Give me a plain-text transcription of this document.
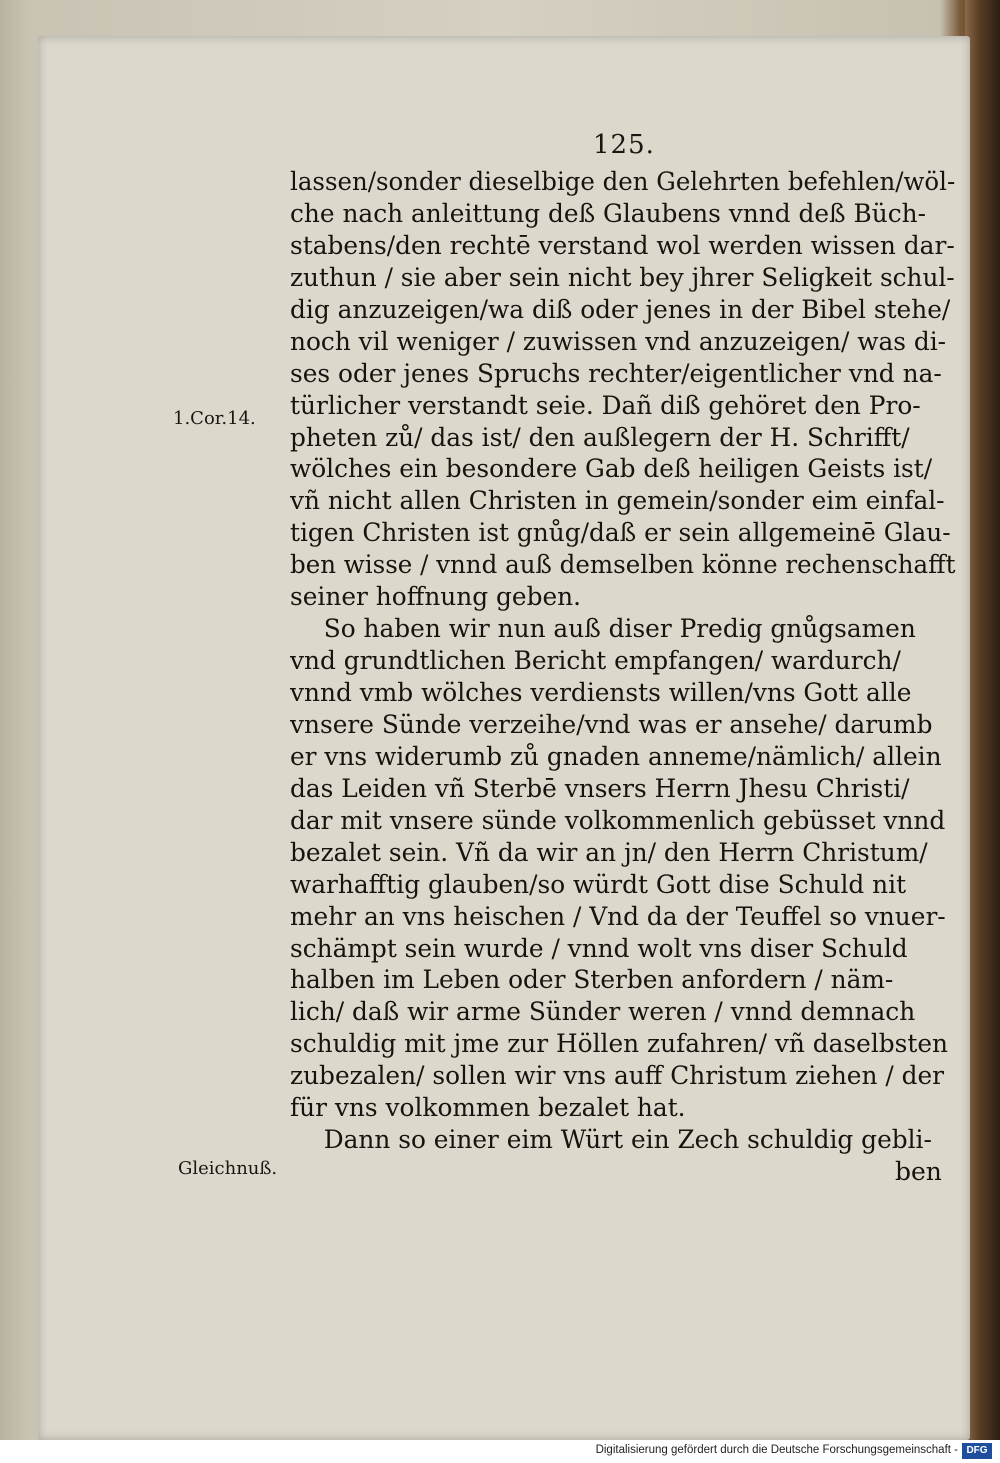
125.
1.Cor.14.
Gleichnuß.
lassen/sonder dieselbige den Gelehrten befehlen/wöl-
che nach anleittung deß Glaubens vnnd deß Büch-
stabens/den rechtē verstand wol werden wissen dar-
zuthun / sie aber sein nicht bey jhrer Seligkeit schul-
dig anzuzeigen/wa diß oder jenes in der Bibel stehe/
noch vil weniger / zuwissen vnd anzuzeigen/ was di-
ses oder jenes Spruchs rechter/eigentlicher vnd na-
türlicher verstandt seie. Dañ diß gehöret den Pro-
pheten zů/ das ist/ den außlegern der H. Schrifft/
wölches ein besondere Gab deß heiligen Geists ist/
vñ nicht allen Christen in gemein/sonder eim einfal-
tigen Christen ist gnůg/daß er sein allgemeinē Glau-
ben wisse / vnnd auß demselben könne rechenschafft
seiner hoffnung geben.
So haben wir nun auß diser Predig gnůgsamen
vnd grundtlichen Bericht empfangen/ wardurch/
vnnd vmb wölches verdiensts willen/vns Gott alle
vnsere Sünde verzeihe/vnd was er ansehe/ darumb
er vns widerumb zů gnaden anneme/nämlich/ allein
das Leiden vñ Sterbē vnsers Herrn Jhesu Christi/
dar mit vnsere sünde volkommenlich gebüsset vnnd
bezalet sein. Vñ da wir an jn/ den Herrn Christum/
warhafftig glauben/so würdt Gott dise Schuld nit
mehr an vns heischen / Vnd da der Teuffel so vnuer-
schämpt sein wurde / vnnd wolt vns diser Schuld
halben im Leben oder Sterben anfordern / näm-
lich/ daß wir arme Sünder weren / vnnd demnach
schuldig mit jme zur Höllen zufahren/ vñ daselbsten
zubezalen/ sollen wir vns auff Christum ziehen / der
für vns volkommen bezalet hat.
Dann so einer eim Würt ein Zech schuldig gebli-
ben
Digitalisierung gefördert durch die Deutsche Forschungsgemeinschaft - DFG
